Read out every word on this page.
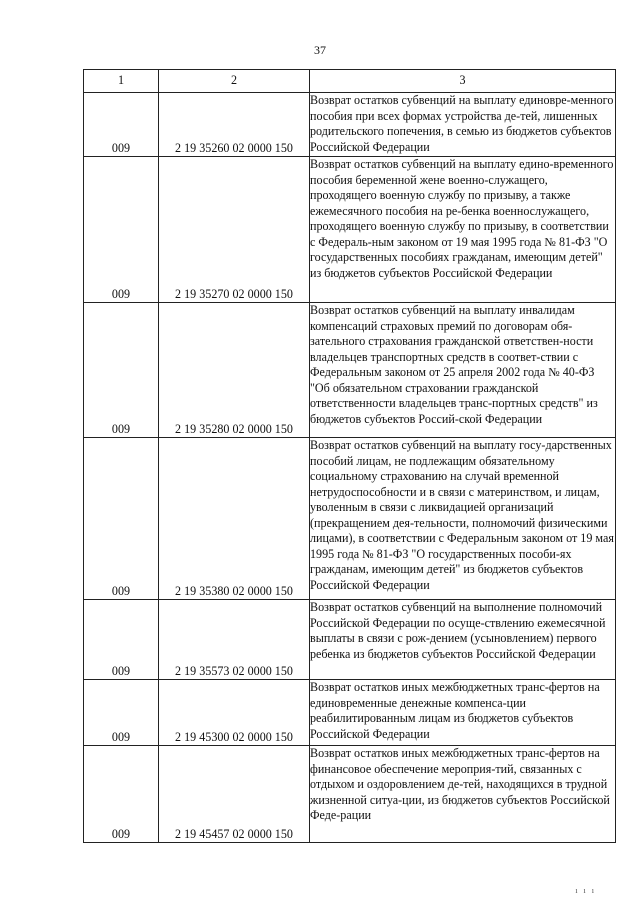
37
1	2	3
009	2 19 35260 02 0000 150	Возврат остатков субвенций на выплату единовре-менного пособия при всех формах устройства де-тей, лишенных родительского попечения, в семью из бюджетов субъектов Российской Федерации
009	2 19 35270 02 0000 150	Возврат остатков субвенций на выплату едино-временного пособия беременной жене военно-служащего, проходящего военную службу по призыву, а также ежемесячного пособия на ре-бенка военнослужащего, проходящего военную службу по призыву, в соответствии с Федераль-ным законом от 19 мая 1995 года № 81-ФЗ "О государственных пособиях гражданам, имеющим детей" из бюджетов субъектов Российской Федерации
009	2 19 35280 02 0000 150	Возврат остатков субвенций на выплату инвалидам компенсаций страховых премий по договорам обя-зательного страхования гражданской ответствен-ности владельцев транспортных средств в соответ-ствии с Федеральным законом от 25 апреля 2002 года № 40-ФЗ "Об обязательном страховании гражданской ответственности владельцев транс-портных средств" из бюджетов субъектов Россий-ской Федерации
009	2 19 35380 02 0000 150	Возврат остатков субвенций на выплату госу-дарственных пособий лицам, не подлежащим обязательному социальному страхованию на случай временной нетрудоспособности и в связи с материнством, и лицам, уволенным в связи с ликвидацией организаций (прекращением дея-тельности, полномочий физическими лицами), в соответствии с Федеральным законом от 19 мая 1995 года № 81-ФЗ "О государственных пособи-ях гражданам, имеющим детей" из бюджетов субъектов Российской Федерации
009	2 19 35573 02 0000 150	Возврат остатков субвенций на выполнение полномочий Российской Федерации по осуще-ствлению ежемесячной выплаты в связи с рож-дением (усыновлением) первого ребенка из бюджетов субъектов Российской Федерации
009	2 19 45300 02 0000 150	Возврат остатков иных межбюджетных транс-фертов на единовременные денежные компенса-ции реабилитированным лицам из бюджетов субъектов Российской Федерации
009	2 19 45457 02 0000 150	Возврат остатков иных межбюджетных транс-фертов на финансовое обеспечение мероприя-тий, связанных с отдыхом и оздоровлением де-тей, находящихся в трудной жизненной ситуа-ции, из бюджетов субъектов Российской Феде-рации
ı ı ı
